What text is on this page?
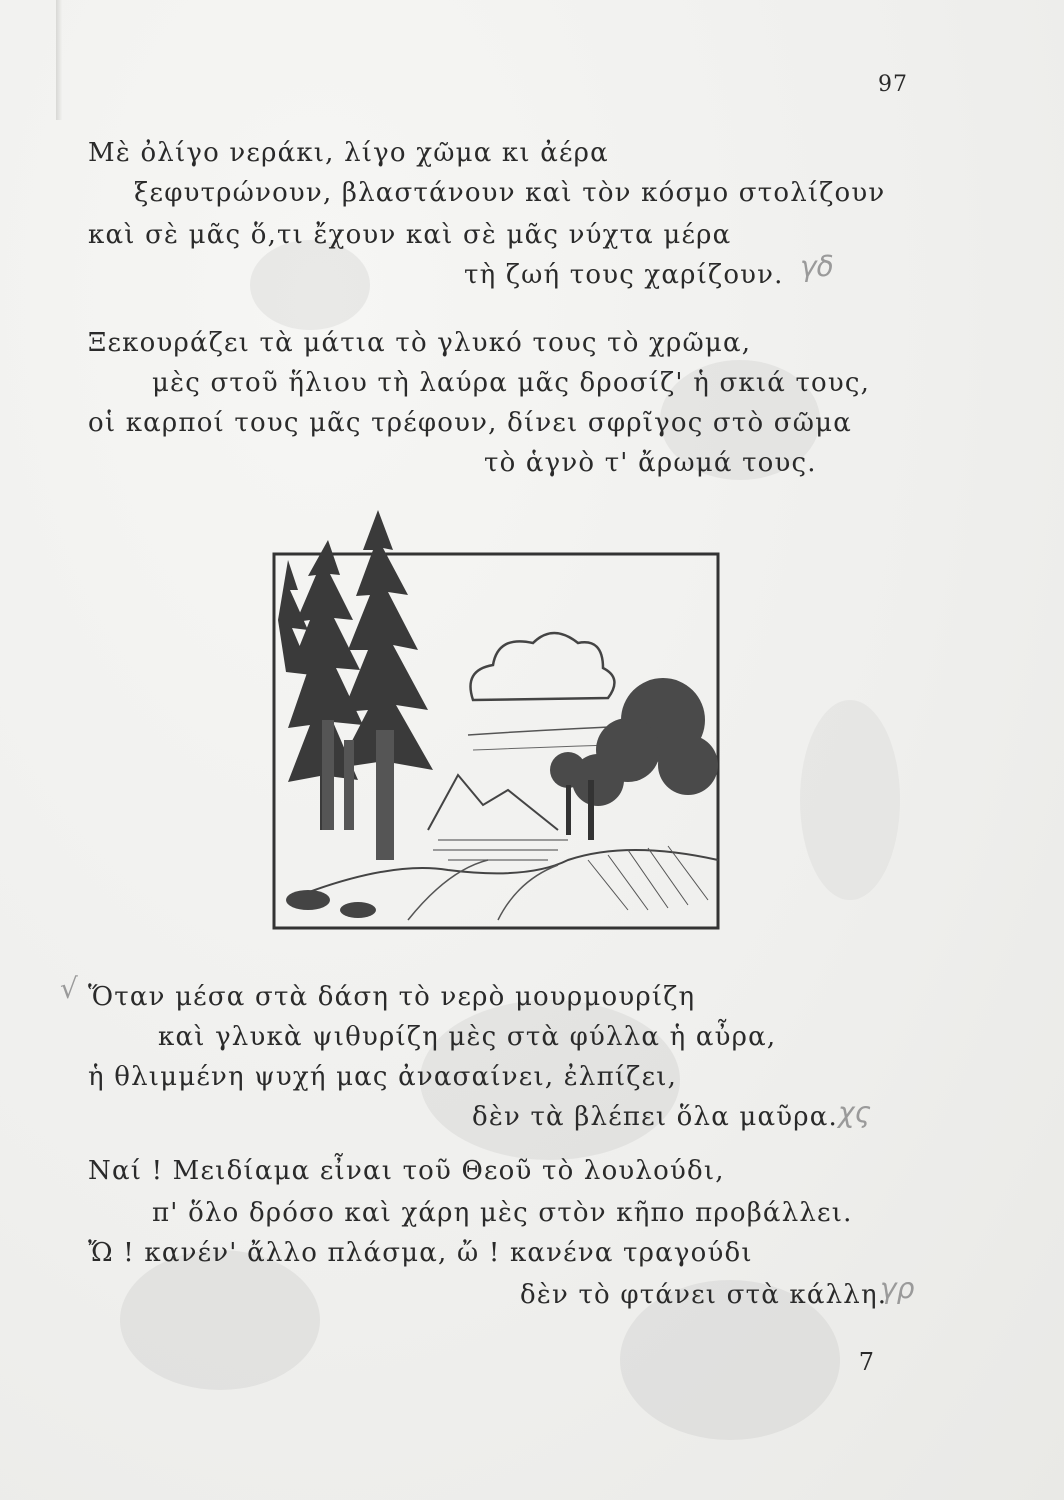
97
Μὲ ὀλίγο νεράκι, λίγο χῶμα κι ἀέρα
ξεφυτρώνουν, βλαστάνουν καὶ τὸν κόσμο στολίζουν
καὶ σὲ μᾶς ὅ,τι ἔχουν καὶ σὲ μᾶς νύχτα μέρα
τὴ ζωή τους χαρίζουν.
Ξεκουράζει τὰ μάτια τὸ γλυκό τους τὸ χρῶμα,
μὲς στοῦ ἥλιου τὴ λαύρα μᾶς δροσίζ' ἡ σκιά τους,
οἱ καρποί τους μᾶς τρέφουν, δίνει σφρῖγος στὸ σῶμα
τὸ ἁγνὸ τ' ἄρωμά τους.
Ὅταν μέσα στὰ δάση τὸ νερὸ μουρμουρίζη
καὶ γλυκὰ ψιθυρίζη μὲς στὰ φύλλα ἡ αὖρα,
ἡ θλιμμένη ψυχή μας ἀνασαίνει, ἐλπίζει,
δὲν τὰ βλέπει ὅλα μαῦρα.
Ναί ! Μειδίαμα εἶναι τοῦ Θεοῦ τὸ λουλούδι,
π' ὅλο δρόσο καὶ χάρη μὲς στὸν κῆπο προβάλλει.
Ὤ ! κανέν' ἄλλο πλάσμα, ὤ ! κανένα τραγούδι
δὲν τὸ φτάνει στὰ κάλλη.
γδ
√
χς
γρ
7
